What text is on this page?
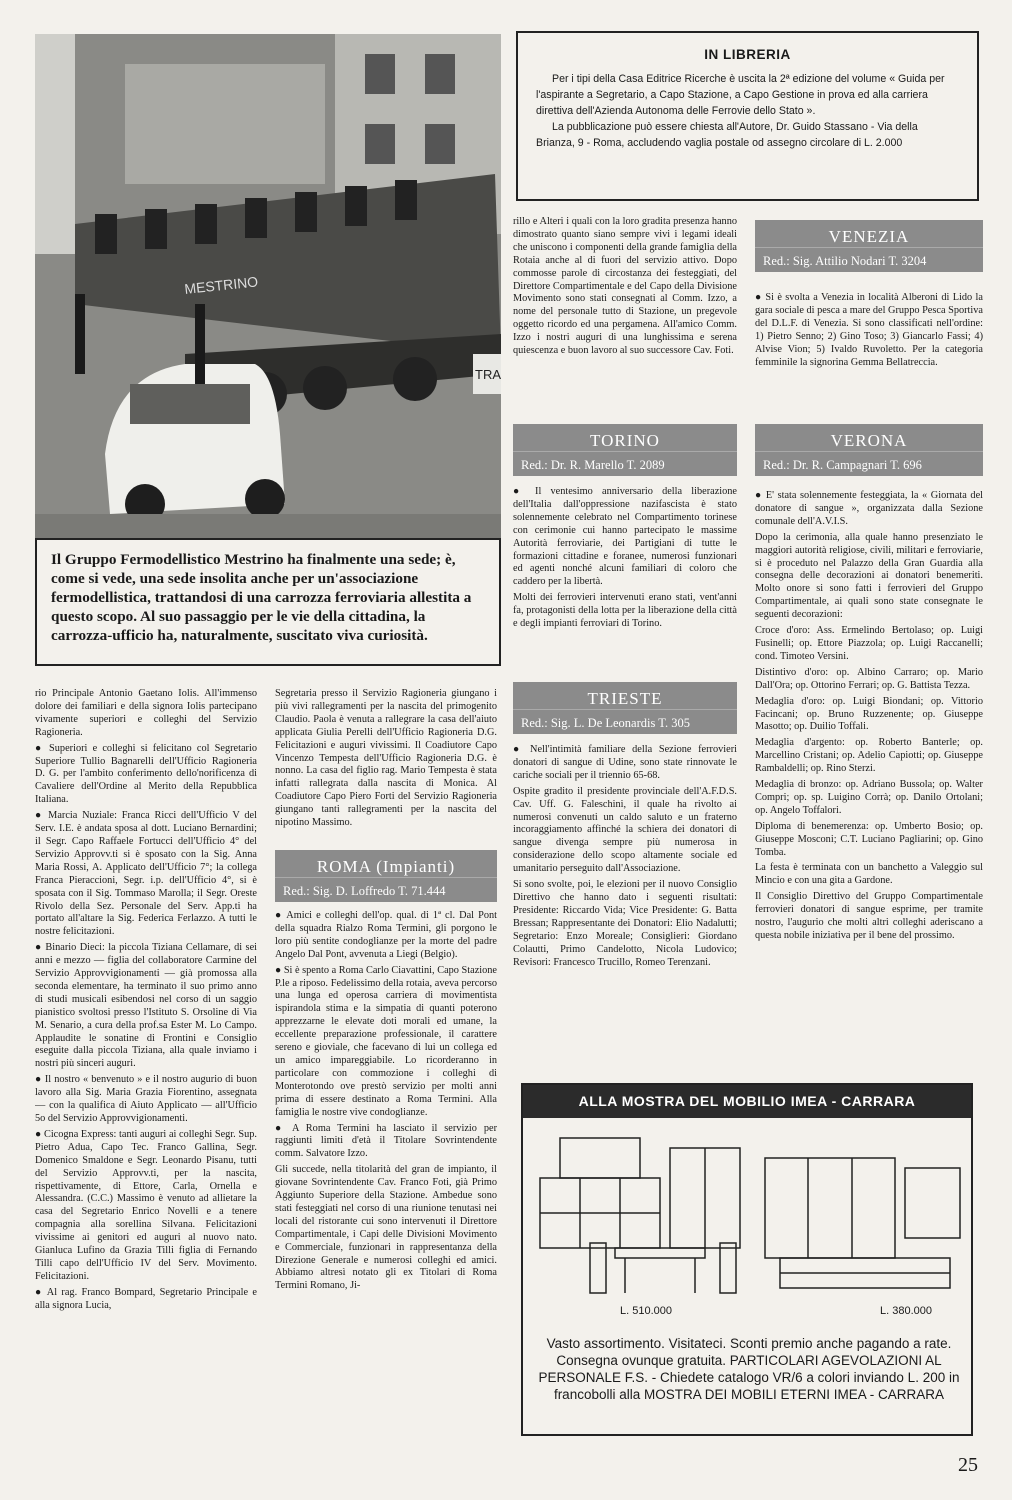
MESTRINO
TRA
Il Gruppo Fermodellistico Mestrino ha finalmente una sede; è, come si vede, una sede insolita anche per un'associazione fermodellistica, trattandosi di una carrozza ferroviaria allestita a questo scopo. Al suo passaggio per le vie della cittadina, la carrozza-ufficio ha, naturalmente, suscitato viva curiosità.
IN LIBRERIA

Per i tipi della Casa Editrice Ricerche è uscita la 2ª edizione del volume « Guida per l'aspirante a Segretario, a Capo Stazione, a Capo Gestione in prova ed alla carriera direttiva dell'Azienda Autonoma delle Ferrovie dello Stato ».

La pubblicazione può essere chiesta all'Autore, Dr. Guido Stassano - Via della Brianza, 9 - Roma, accludendo vaglia postale od assegno circolare di L. 2.000

rio Principale Antonio Gaetano Iolis. All'immenso dolore dei familiari e della signora Iolis partecipano vivamente superiori e colleghi del Servizio Ragioneria.

● Superiori e colleghi si felicitano col Segretario Superiore Tullio Bagnarelli dell'Ufficio Ragioneria D. G. per l'ambito conferimento dello'norificenza di Cavaliere dell'Ordine al Merito della Repubblica Italiana.

● Marcia Nuziale: Franca Ricci dell'Ufficio V del Serv. I.E. è andata sposa al dott. Luciano Bernardini; il Segr. Capo Raffaele Fortucci dell'Ufficio 4° del Servizio Approvv.ti si è sposato con la Sig. Anna Maria Rossi, A. Applicato dell'Ufficio 7°; la collega Franca Pieraccioni, Segr. i.p. dell'Ufficio 4°, si è sposata con il Sig. Tommaso Marolla; il Segr. Oreste Rivolo della Sez. Personale del Serv. App.ti ha portato all'altare la Sig. Federica Ferlazzo. A tutti le nostre felicitazioni.

● Binario Dieci: la piccola Tiziana Cellamare, di sei anni e mezzo — figlia del collaboratore Carmine del Servizio Approvvigionamenti — già promossa alla seconda elementare, ha terminato il suo primo anno di studi musicali esibendosi nel corso di un saggio pianistico svoltosi presso l'Istituto S. Orsoline di Via M. Senario, a cura della prof.sa Ester M. Lo Campo. Applaudite le sonatine di Frontini e Consiglio eseguite dalla piccola Tiziana, alla quale inviamo i nostri più sinceri auguri.

● Il nostro « benvenuto » e il nostro augurio di buon lavoro alla Sig. Maria Grazia Fiorentino, assegnata — con la qualifica di Aiuto Applicato — all'Ufficio 5o del Servizio Approvvigionamenti.

● Cicogna Express: tanti auguri ai colleghi Segr. Sup. Pietro Adua, Capo Tec. Franco Gallina, Segr. Domenico Smaldone e Segr. Leonardo Pisanu, tutti del Servizio Approvv.ti, per la nascita, rispettivamente, di Ettore, Carla, Ornella e Alessandra. (C.C.) Massimo è venuto ad allietare la casa del Segretario Enrico Novelli e a tenere compagnia alla sorellina Silvana. Felicitazioni vivissime ai genitori ed auguri al nuovo nato. Gianluca Lufino da Grazia Tilli figlia di Fernando Tilli capo dell'Ufficio IV del Serv. Movimento. Felicitazioni.

● Al rag. Franco Bompard, Segretario Principale e alla signora Lucia,

Segretaria presso il Servizio Ragioneria giungano i più vivi rallegramenti per la nascita del primogenito Claudio. Paola è venuta a rallegrare la casa dell'aiuto applicata Giulia Perelli dell'Ufficio Ragioneria D.G. Felicitazioni e auguri vivissimi. Il Coadiutore Capo Vincenzo Tempesta dell'Ufficio Ragioneria D.G. è nonno. La casa del figlio rag. Mario Tempesta è stata infatti rallegrata dalla nascita di Monica. Al Coadiutore Capo Piero Forti del Servizio Ragioneria giungano tanti rallegramenti per la nascita del nipotino Massimo.

ROMA (Impianti)
Red.: Sig. D. Loffredo T. 71.444

● Amici e colleghi dell'op. qual. di 1ª cl. Dal Pont della squadra Rialzo Roma Termini, gli porgono le loro più sentite condoglianze per la morte del padre Angelo Dal Pont, avvenuta a Liegi (Belgio).

● Si è spento a Roma Carlo Ciavattini, Capo Stazione P.le a riposo. Fedelissimo della rotaia, aveva percorso una lunga ed operosa carriera di movimentista ispirandola stima e la simpatia di quanti poterono apprezzarne le elevate doti morali ed umane, la eccellente preparazione professionale, il carattere sereno e gioviale, che facevano di lui un collega ed un amico impareggiabile. Lo ricorderanno in particolare con commozione i colleghi di Monterotondo ove prestò servizio per molti anni prima di essere destinato a Roma Termini. Alla famiglia le nostre vive condoglianze.

● A Roma Termini ha lasciato il servizio per raggiunti limiti d'età il Titolare Sovrintendente comm. Salvatore Izzo.

Gli succede, nella titolarità del gran de impianto, il giovane Sovrintendente Cav. Franco Foti, già Primo Aggiunto Superiore della Stazione. Ambedue sono stati festeggiati nel corso di una riunione tenutasi nei locali del ristorante cui sono intervenuti il Direttore Compartimentale, i Capi delle Divisioni Movimento e Commerciale, funzionari in rappresentanza della Direzione Generale e numerosi colleghi ed amici. Abbiamo altresì notato gli ex Titolari di Roma Termini Romano, Ji-

rillo e Alteri i quali con la loro gradita presenza hanno dimostrato quanto siano sempre vivi i legami ideali che uniscono i componenti della grande famiglia della Rotaia anche al di fuori del servizio attivo. Dopo commosse parole di circostanza dei festeggiati, del Direttore Compartimentale e del Capo della Divisione Movimento sono stati consegnati al Comm. Izzo, a nome del personale tutto di Stazione, un pregevole oggetto ricordo ed una pergamena. All'amico Comm. Izzo i nostri auguri di una lunghissima e serena quiescenza e buon lavoro al suo successore Cav. Foti.

TORINO
Red.: Dr. R. Marello T. 2089

● Il ventesimo anniversario della liberazione dell'Italia dall'oppressione nazifascista è stato solennemente celebrato nel Compartimento torinese con cerimonie cui hanno partecipato le massime Autorità ferroviarie, dei Partigiani di tutte le formazioni cittadine e foranee, numerosi funzionari ed agenti nonché alcuni familiari di coloro che caddero per la libertà.

Molti dei ferrovieri intervenuti erano stati, vent'anni fa, protagonisti della lotta per la liberazione della città e degli impianti ferroviari di Torino.

TRIESTE
Red.: Sig. L. De Leonardis T. 305

● Nell'intimità familiare della Sezione ferrovieri donatori di sangue di Udine, sono state rinnovate le cariche sociali per il triennio 65-68.

Ospite gradito il presidente provinciale dell'A.F.D.S. Cav. Uff. G. Faleschini, il quale ha rivolto ai numerosi convenuti un caldo saluto e un fraterno incoraggiamento affinché la schiera dei donatori di sangue divenga sempre più numerosa in considerazione dello scopo altamente sociale ed umanitario perseguito dall'Associazione.

Si sono svolte, poi, le elezioni per il nuovo Consiglio Direttivo che hanno dato i seguenti risultati: Presidente: Riccardo Vida; Vice Presidente: G. Batta Bressan; Rappresentante dei Donatori: Elio Nadalutti; Segretario: Enzo Moreale; Consiglieri: Giordano Colautti, Primo Candelotto, Nicola Ludovico; Revisori: Francesco Trucillo, Romeo Terenzani.

VENEZIA
Red.: Sig. Attilio Nodari T. 3204

● Si è svolta a Venezia in località Alberoni di Lido la gara sociale di pesca a mare del Gruppo Pesca Sportiva del D.L.F. di Venezia. Si sono classificati nell'ordine: 1) Pietro Senno; 2) Gino Toso; 3) Giancarlo Fassi; 4) Alvise Vion; 5) Ivaldo Ruvoletto. Per la categoria femminile la signorina Gemma Bellatreccia.

VERONA
Red.: Dr. R. Campagnari T. 696

● E' stata solennemente festeggiata, la « Giornata del donatore di sangue », organizzata dalla Sezione comunale dell'A.V.I.S.

Dopo la cerimonia, alla quale hanno presenziato le maggiori autorità religiose, civili, militari e ferroviarie, si è proceduto nel Palazzo della Gran Guardia alla consegna delle decorazioni ai donatori benemeriti. Molto onore si sono fatti i ferrovieri del Gruppo Compartimentale, ai quali sono state consegnate le seguenti decorazioni:

Croce d'oro: Ass. Ermelindo Bertolaso; op. Luigi Fusinelli; op. Ettore Piazzola; op. Luigi Raccanelli; cond. Timoteo Versini.

Distintivo d'oro: op. Albino Carraro; op. Mario Dall'Ora; op. Ottorino Ferrari; op. G. Battista Tezza.

Medaglia d'oro: op. Luigi Biondani; op. Vittorio Facincani; op. Bruno Ruzzenente; op. Giuseppe Masotto; op. Duilio Toffali.

Medaglia d'argento: op. Roberto Banterle; op. Marcellino Cristani; op. Adelio Capiotti; op. Giuseppe Rambaldelli; op. Rino Sterzi.

Medaglia di bronzo: op. Adriano Bussola; op. Walter Compri; op. sp. Luigino Corrà; op. Danilo Ortolani; op. Angelo Toffalori.

Diploma di benemerenza: op. Umberto Bosio; op. Giuseppe Mosconi; C.T. Luciano Pagliarini; op. Gino Tomba.

La festa è terminata con un banchetto a Valeggio sul Mincio e con una gita a Gardone.

Il Consiglio Direttivo del Gruppo Compartimentale ferrovieri donatori di sangue esprime, per tramite nostro, l'augurio che molti altri colleghi aderiscano a questa nobile iniziativa per il bene del prossimo.

ALLA MOSTRA DEL MOBILIO IMEA - CARRARA
L. 510.000	L. 380.000
Vasto assortimento. Visitateci. Sconti premio anche pagando a rate. Consegna ovunque gratuita. PARTICOLARI AGEVOLAZIONI AL PERSONALE F.S. - Chiedete catalogo VR/6 a colori inviando L. 200 in francobolli alla MOSTRA DEI MOBILI ETERNI IMEA - CARRARA
25
